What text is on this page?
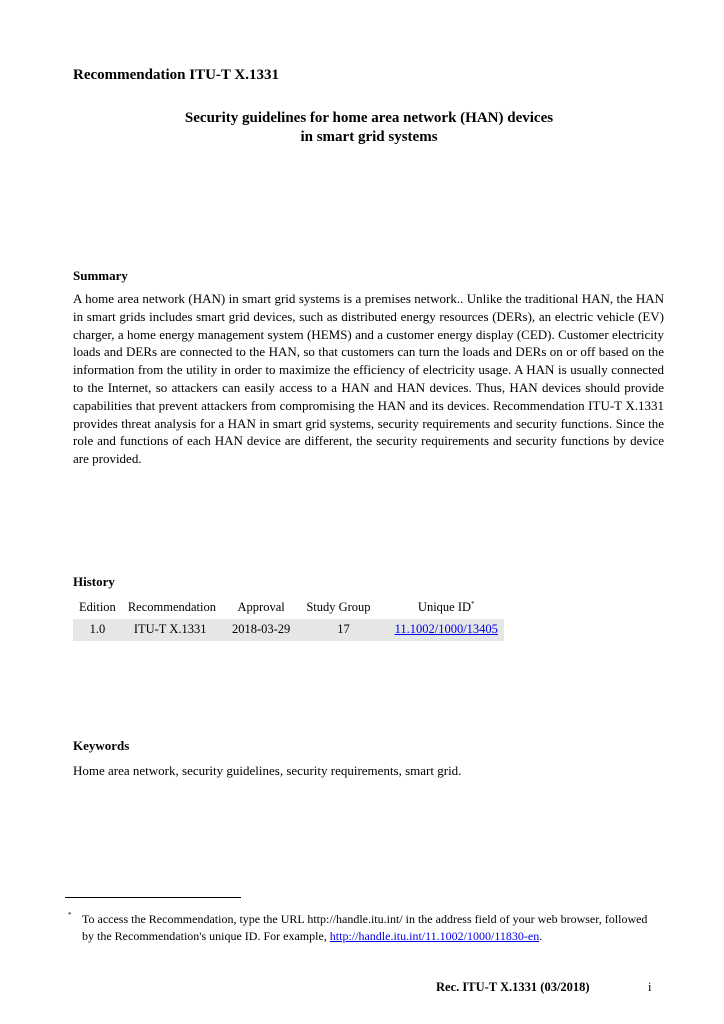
Recommendation ITU-T X.1331
Security guidelines for home area network (HAN) devices
in smart grid systems
Summary
A home area network (HAN) in smart grid systems is a premises network.. Unlike the traditional HAN, the HAN in smart grids includes smart grid devices, such as distributed energy resources (DERs), an electric vehicle (EV) charger, a home energy management system (HEMS) and a customer energy display (CED). Customer electricity loads and DERs are connected to the HAN, so that customers can turn the loads and DERs on or off based on the information from the utility in order to maximize the efficiency of electricity usage. A HAN is usually connected to the Internet, so attackers can easily access to a HAN and HAN devices. Thus, HAN devices should provide capabilities that prevent attackers from compromising the HAN and its devices. Recommendation ITU-T X.1331 provides threat analysis for a HAN in smart grid systems, security requirements and security functions. Since the role and functions of each HAN device are different, the security requirements and security functions by device are provided.
History
Edition	Recommendation	Approval	Study Group	Unique ID*
1.0	ITU-T X.1331	2018-03-29	17	11.1002/1000/13405
Keywords
Home area network, security guidelines, security requirements, smart grid.
* To access the Recommendation, type the URL http://handle.itu.int/ in the address field of your web browser, followed by the Recommendation's unique ID. For example, http://handle.itu.int/11.1002/1000/11830-en.
Rec. ITU-T X.1331 (03/2018)	i
